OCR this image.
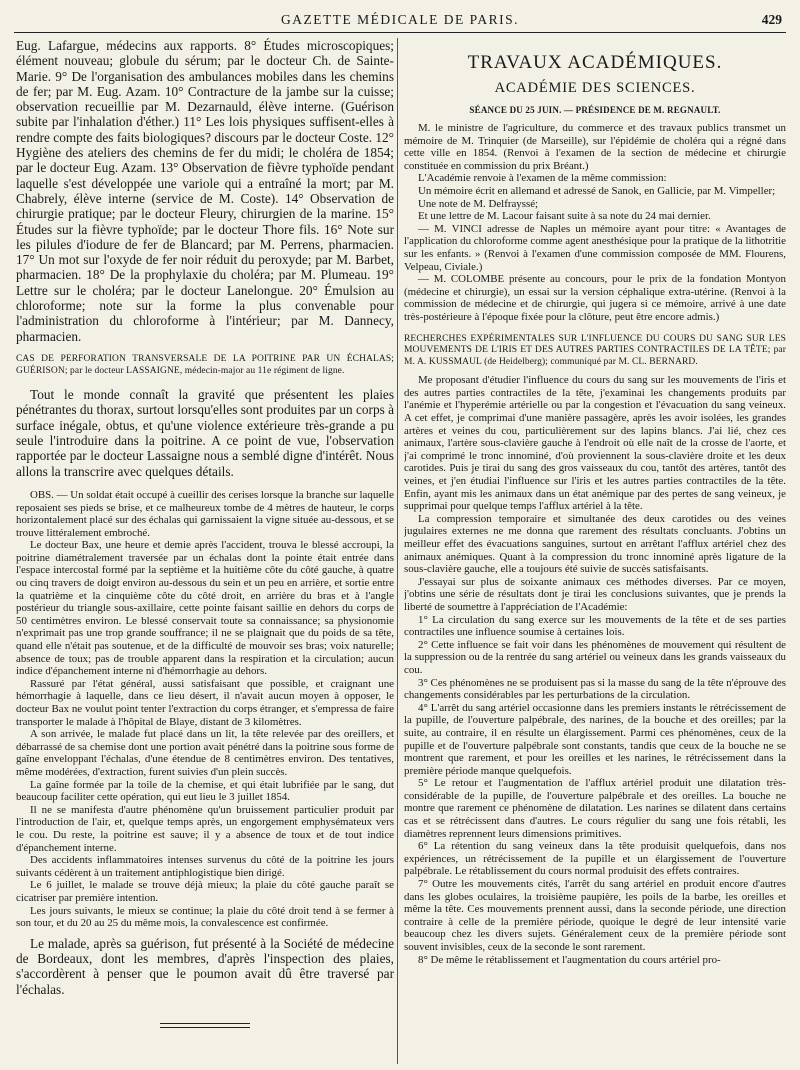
GAZETTE MÉDICALE DE PARIS.	429

Eug. Lafargue, médecins aux rapports. 8° Études microscopiques; élément nouveau; globule du sérum; par le docteur Ch. de Sainte-Marie. 9° De l'organisation des ambulances mobiles dans les chemins de fer; par M. Eug. Azam. 10° Contracture de la jambe sur la cuisse; observation recueillie par M. Dezarnauld, élève interne. (Guérison subite par l'inhalation d'éther.) 11° Les lois physiques suffisent-elles à rendre compte des faits biologiques? discours par le docteur Coste. 12° Hygiène des ateliers des chemins de fer du midi; le choléra de 1854; par le docteur Eug. Azam. 13° Observation de fièvre typhoïde pendant laquelle s'est développée une variole qui a entraîné la mort; par M. Chabrely, élève interne (service de M. Coste). 14° Observation de chirurgie pratique; par le docteur Fleury, chirurgien de la marine. 15° Études sur la fièvre typhoïde; par le docteur Thore fils. 16° Note sur les pilules d'iodure de fer de Blancard; par M. Perrens, pharmacien. 17° Un mot sur l'oxyde de fer noir réduit du peroxyde; par M. Barbet, pharmacien. 18° De la prophylaxie du choléra; par M. Plumeau. 19° Lettre sur le choléra; par le docteur Lanelongue. 20° Émulsion au chloroforme; note sur la forme la plus convenable pour l'administration du chloroforme à l'intérieur; par M. Dannecy, pharmacien.

CAS DE PERFORATION TRANSVERSALE DE LA POITRINE PAR UN ÉCHALAS; GUÉRISON; par le docteur LASSAIGNE, médecin-major au 11e régiment de ligne.

Tout le monde connaît la gravité que présentent les plaies pénétrantes du thorax, surtout lorsqu'elles sont produites par un corps à surface inégale, obtus, et qu'une violence extérieure très-grande a pu seule l'introduire dans la poitrine. A ce point de vue, l'observation rapportée par le docteur Lassaigne nous a semblé digne d'intérêt. Nous allons la transcrire avec quelques détails.

OBS. — Un soldat était occupé à cueillir des cerises lorsque la branche sur laquelle reposaient ses pieds se brise, et ce malheureux tombe de 4 mètres de hauteur, le corps horizontalement placé sur des échalas qui garnissaient la vigne située au-dessous, et se trouve littéralement embroché.

Le docteur Bax, une heure et demie après l'accident, trouva le blessé accroupi, la poitrine diamétralement traversée par un échalas dont la pointe était entrée dans l'espace intercostal formé par la septième et la huitième côte du côté gauche, à quatre ou cinq travers de doigt environ au-dessous du sein et un peu en arrière, et sortie entre la quatrième et la cinquième côte du côté droit, en arrière du bras et à l'angle postérieur du triangle sous-axillaire, cette pointe faisant saillie en dehors du corps de 50 centimètres environ. Le blessé conservait toute sa connaissance; sa physionomie n'exprimait pas une trop grande souffrance; il ne se plaignait que du poids de sa tête, quand elle n'était pas soutenue, et de la difficulté de mouvoir ses bras; voix naturelle; absence de toux; pas de trouble apparent dans la respiration et la circulation; aucun indice d'épanchement interne ni d'hémorrhagie au dehors.

Rassuré par l'état général, aussi satisfaisant que possible, et craignant une hémorrhagie à laquelle, dans ce lieu désert, il n'avait aucun moyen à opposer, le docteur Bax ne voulut point tenter l'extraction du corps étranger, et s'empressa de faire transporter le malade à l'hôpital de Blaye, distant de 3 kilomètres.

A son arrivée, le malade fut placé dans un lit, la tête relevée par des oreillers, et débarrassé de sa chemise dont une portion avait pénétré dans la poitrine sous forme de gaîne enveloppant l'échalas, d'une étendue de 8 centimètres environ. Des tentatives, même modérées, d'extraction, furent suivies d'un plein succès.

La gaîne formée par la toile de la chemise, et qui était lubrifiée par le sang, dut beaucoup faciliter cette opération, qui eut lieu le 3 juillet 1854.

Il ne se manifesta d'autre phénomène qu'un bruissement particulier produit par l'introduction de l'air, et, quelque temps après, un engorgement emphysémateux vers le cou. Du reste, la poitrine est sauve; il y a absence de toux et de tout indice d'épanchement interne.

Des accidents inflammatoires intenses survenus du côté de la poitrine les jours suivants cédèrent à un traitement antiphlogistique bien dirigé.

Le 6 juillet, le malade se trouve déjà mieux; la plaie du côté gauche paraît se cicatriser par première intention.

Les jours suivants, le mieux se continue; la plaie du côté droit tend à se fermer à son tour, et du 20 au 25 du même mois, la convalescence est confirmée.

Le malade, après sa guérison, fut présenté à la Société de médecine de Bordeaux, dont les membres, d'après l'inspection des plaies, s'accordèrent à penser que le poumon avait dû être traversé par l'échalas.

TRAVAUX ACADÉMIQUES.
ACADÉMIE DES SCIENCES.
SÉANCE DU 25 JUIN. — PRÉSIDENCE DE M. REGNAULT.

M. le ministre de l'agriculture, du commerce et des travaux publics transmet un mémoire de M. Trinquier (de Marseille), sur l'épidémie de choléra qui a régné dans cette ville en 1854. (Renvoi à l'examen de la section de médecine et chirurgie constituée en commission du prix Bréant.)

L'Académie renvoie à l'examen de la même commission:

Un mémoire écrit en allemand et adressé de Sanok, en Gallicie, par M. Vimpeller;

Une note de M. Delfrayssé;

Et une lettre de M. Lacour faisant suite à sa note du 24 mai dernier.

— M. VINCI adresse de Naples un mémoire ayant pour titre: « Avantages de l'application du chloroforme comme agent anesthésique pour la pratique de la lithotritie sur les enfants. » (Renvoi à l'examen d'une commission composée de MM. Flourens, Velpeau, Civiale.)

— M. COLOMBE présente au concours, pour le prix de la fondation Montyon (médecine et chirurgie), un essai sur la version céphalique extra-utérine. (Renvoi à la commission de médecine et de chirurgie, qui jugera si ce mémoire, arrivé à une date très-postérieure à l'époque fixée pour la clôture, peut être encore admis.)

RECHERCHES EXPÉRIMENTALES SUR L'INFLUENCE DU COURS DU SANG SUR LES MOUVEMENTS DE L'IRIS ET DES AUTRES PARTIES CONTRACTILES DE LA TÊTE; par M. A. KUSSMAUL (de Heidelberg); communiqué par M. CL. BERNARD.

Me proposant d'étudier l'influence du cours du sang sur les mouvements de l'iris et des autres parties contractiles de la tête, j'examinai les changements produits par l'anémie et l'hyperémie artérielle ou par la congestion et l'évacuation du sang veineux. A cet effet, je comprimai d'une manière passagère, après les avoir isolées, les grandes artères et veines du cou, particulièrement sur des lapins blancs. J'ai lié, chez ces animaux, l'artère sous-clavière gauche à l'endroit où elle naît de la crosse de l'aorte, et j'ai comprimé le tronc innominé, d'où proviennent la sous-clavière droite et les deux carotides. Puis je tirai du sang des gros vaisseaux du cou, tantôt des artères, tantôt des veines, et j'en étudiai l'influence sur l'iris et les autres parties contractiles de la tête. Enfin, ayant mis les animaux dans un état anémique par des pertes de sang veineux, je supprimai pour quelque temps l'afflux artériel à la tête.

La compression temporaire et simultanée des deux carotides ou des veines jugulaires externes ne me donna que rarement des résultats concluants. J'obtins un meilleur effet des évacuations sanguines, surtout en arrêtant l'afflux artériel chez des animaux anémiques. Quant à la compression du tronc innominé après ligature de la sous-clavière gauche, elle a toujours été suivie de succès satisfaisants.

J'essayai sur plus de soixante animaux ces méthodes diverses. Par ce moyen, j'obtins une série de résultats dont je tirai les conclusions suivantes, que je prends la liberté de soumettre à l'appréciation de l'Académie:

1° La circulation du sang exerce sur les mouvements de la tête et de ses parties contractiles une influence soumise à certaines lois.

2° Cette influence se fait voir dans les phénomènes de mouvement qui résultent de la suppression ou de la rentrée du sang artériel ou veineux dans les grands vaisseaux du cou.

3° Ces phénomènes ne se produisent pas si la masse du sang de la tête n'éprouve des changements considérables par les perturbations de la circulation.

4° L'arrêt du sang artériel occasionne dans les premiers instants le rétrécissement de la pupille, de l'ouverture palpébrale, des narines, de la bouche et des oreilles; par la suite, au contraire, il en résulte un élargissement. Parmi ces phénomènes, ceux de la pupille et de l'ouverture palpébrale sont constants, tandis que ceux de la bouche ne se montrent que rarement, et pour les oreilles et les narines, le rétrécissement dans la première période manque quelquefois.

5° Le retour et l'augmentation de l'afflux artériel produit une dilatation très-considérable de la pupille, de l'ouverture palpébrale et des oreilles. La bouche ne montre que rarement ce phénomène de dilatation. Les narines se dilatent dans certains cas et se rétrécissent dans d'autres. Le cours régulier du sang une fois rétabli, les diamètres reprennent leurs dimensions primitives.

6° La rétention du sang veineux dans la tête produisit quelquefois, dans nos expériences, un rétrécissement de la pupille et un élargissement de l'ouverture palpébrale. Le rétablissement du cours normal produisit des effets contraires.

7° Outre les mouvements cités, l'arrêt du sang artériel en produit encore d'autres dans les globes oculaires, la troisième paupière, les poils de la barbe, les oreilles et même la tête. Ces mouvements prennent aussi, dans la seconde période, une direction contraire à celle de la première période, quoique le degré de leur intensité varie beaucoup chez les divers sujets. Généralement ceux de la première période sont souvent invisibles, ceux de la seconde le sont rarement.

8° De même le rétablissement et l'augmentation du cours artériel pro-
